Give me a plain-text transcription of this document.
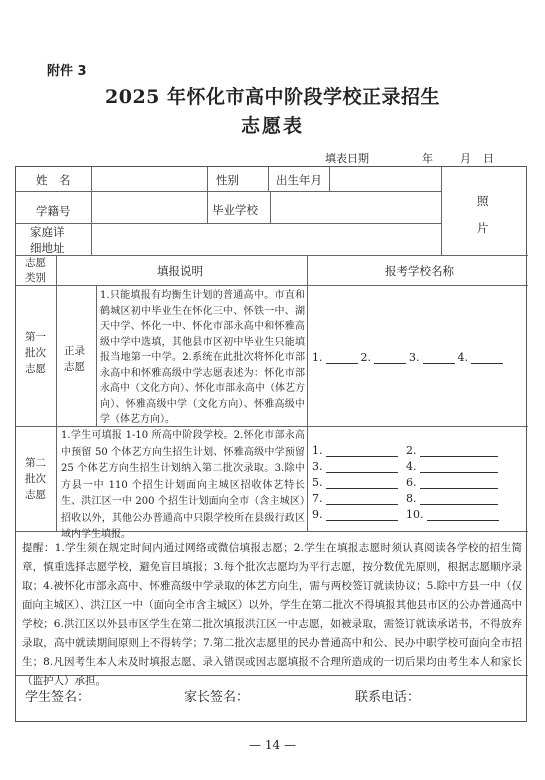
附件 3
2025 年怀化市高中阶段学校正录招生
志愿表
填表日期	年 月 日
姓　名	性别	出生年月
学籍号	毕业学校
家庭详
细地址
照
片
志愿
类别	填报说明	报考学校名称
第一
批次
志愿
正录
志愿
1.只能填报有均衡生计划的普通高中。市直和鹤城区初中毕业生在怀化三中、怀铁一中、湖天中学、怀化一中、怀化市部永高中和怀雅高级中学中选填，其他县市区初中毕业生只能填报当地第一中学。2.系统在此批次将怀化市部永高中和怀雅高级中学志愿表述为：怀化市部永高中（文化方向）、怀化市部永高中（体艺方向）、怀雅高级中学（文化方向）、怀雅高级中学（体艺方向）。
1.	2.	3.	4.
第二
批次
志愿
1.学生可填报 1-10 所高中阶段学校。2.怀化市部永高中预留 50 个体艺方向生招生计划、怀雅高级中学预留 25 个体艺方向生招生计划纳入第二批次录取。3.除中方县一中 110 个招生计划面向主城区招收体艺特长生、洪江区一中 200 个招生计划面向全市（含主城区）招收以外，其他公办普通高中只限学校所在县级行政区域内学生填报。
1.	2.
3.	4.
5.	6.
7.	8.
9.	10.
提醒：1.学生须在规定时间内通过网络或微信填报志愿；2.学生在填报志愿时须认真阅读各学校的招生简章，慎重选择志愿学校，避免盲目填报；3.每个批次志愿均为平行志愿，按分数优先原则，根据志愿顺序录取；4.被怀化市部永高中、怀雅高级中学录取的体艺方向生，需与两校签订就读协议；5.除中方县一中（仅面向主城区）、洪江区一中（面向全市含主城区）以外，学生在第二批次不得填报其他县市区的公办普通高中学校；6.洪江区以外县市区学生在第二批次填报洪江区一中志愿，如被录取，需签订就读承诺书，不得放弃录取，高中就读期间原则上不得转学；7.第二批次志愿里的民办普通高中和公、民办中职学校可面向全市招生；8.凡因考生本人未及时填报志愿、录入错误或因志愿填报不合理所造成的一切后果均由考生本人和家长（监护人）承担。
学生签名：	家长签名：	联系电话：
— 14 —
